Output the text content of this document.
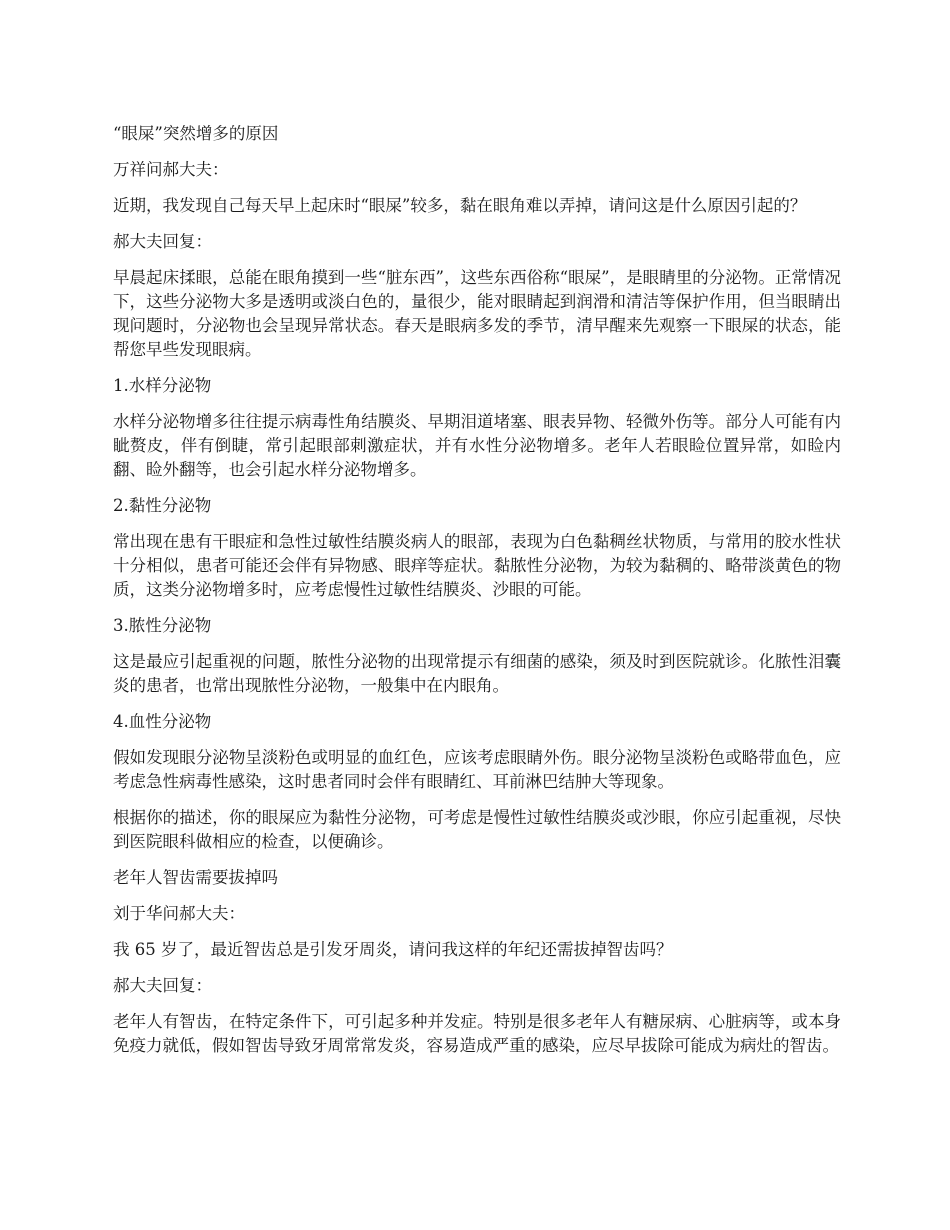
“眼屎”突然增多的原因

万祥问郝大夫：

近期，我发现自己每天早上起床时“眼屎”较多，黏在眼角难以弄掉，请问这是什么原因引起的？

郝大夫回复：

早晨起床揉眼，总能在眼角摸到一些“脏东西”，这些东西俗称“眼屎”，是眼睛里的分泌物。正常情况下，这些分泌物大多是透明或淡白色的，量很少，能对眼睛起到润滑和清洁等保护作用，但当眼睛出现问题时，分泌物也会呈现异常状态。春天是眼病多发的季节，清早醒来先观察一下眼屎的状态，能帮您早些发现眼病。

1.水样分泌物

水样分泌物增多往往提示病毒性角结膜炎、早期泪道堵塞、眼表异物、轻微外伤等。部分人可能有内眦赘皮，伴有倒睫，常引起眼部刺激症状，并有水性分泌物增多。老年人若眼睑位置异常，如睑内翻、睑外翻等，也会引起水样分泌物增多。

2.黏性分泌物

常出现在患有干眼症和急性过敏性结膜炎病人的眼部，表现为白色黏稠丝状物质，与常用的胶水性状十分相似，患者可能还会伴有异物感、眼痒等症状。黏脓性分泌物，为较为黏稠的、略带淡黄色的物质，这类分泌物增多时，应考虑慢性过敏性结膜炎、沙眼的可能。

3.脓性分泌物

这是最应引起重视的问题，脓性分泌物的出现常提示有细菌的感染，须及时到医院就诊。化脓性泪囊炎的患者，也常出现脓性分泌物，一般集中在内眼角。

4.血性分泌物

假如发现眼分泌物呈淡粉色或明显的血红色，应该考虑眼睛外伤。眼分泌物呈淡粉色或略带血色，应考虑急性病毒性感染，这时患者同时会伴有眼睛红、耳前淋巴结肿大等现象。

根据你的描述，你的眼屎应为黏性分泌物，可考虑是慢性过敏性结膜炎或沙眼，你应引起重视，尽快到医院眼科做相应的检查，以便确诊。

老年人智齿需要拔掉吗

刘于华问郝大夫：

我 65 岁了，最近智齿总是引发牙周炎，请问我这样的年纪还需拔掉智齿吗？

郝大夫回复：

老年人有智齿，在特定条件下，可引起多种并发症。特别是很多老年人有糖尿病、心脏病等，或本身免疫力就低，假如智齿导致牙周常常发炎，容易造成严重的感染，应尽早拔除可能成为病灶的智齿。
